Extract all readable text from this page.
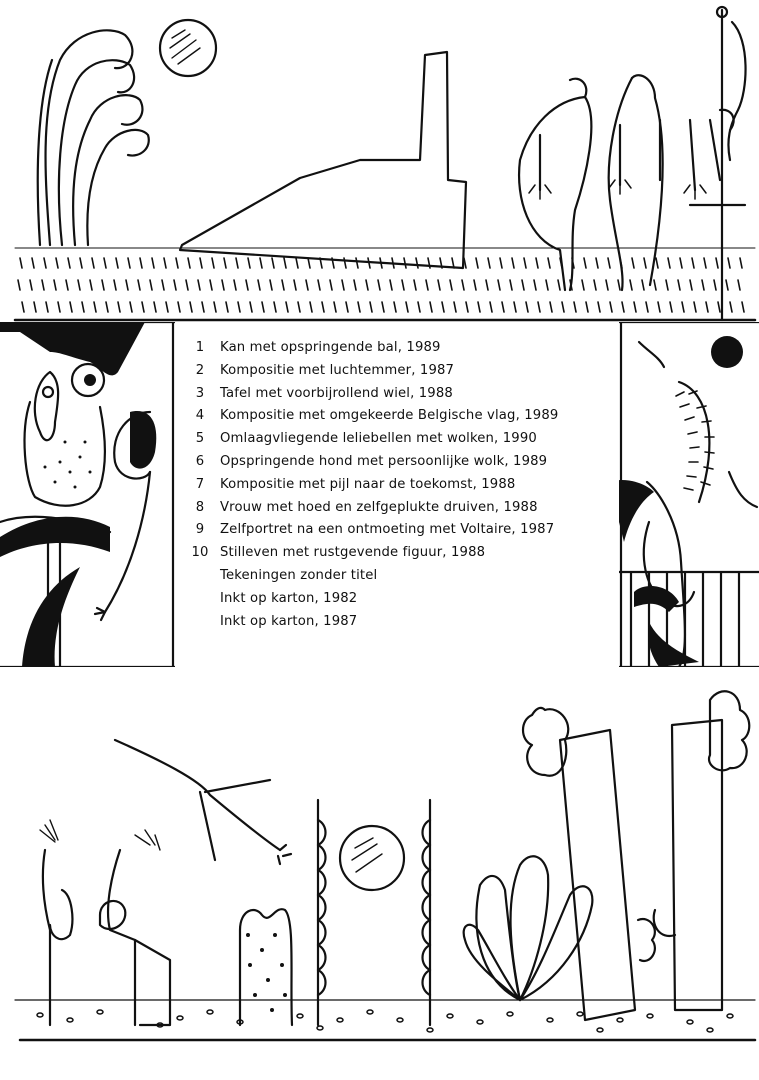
1	Kan met opspringende bal, 1989
2	Kompositie met luchtemmer, 1987
3	Tafel met voorbijrollend wiel, 1988
4	Kompositie met omgekeerde Belgische vlag, 1989
5	Omlaagvliegende leliebellen met wolken, 1990
6	Opspringende hond met persoonlijke wolk, 1989
7	Kompositie met pijl naar de toekomst, 1988
8	Vrouw met hoed en zelfgeplukte druiven, 1988
9	Zelfportret na een ontmoeting met Voltaire, 1987
10 Stilleven met rustgevende figuur, 1988
Tekeningen zonder titel
Inkt op karton, 1982
Inkt op karton, 1987
